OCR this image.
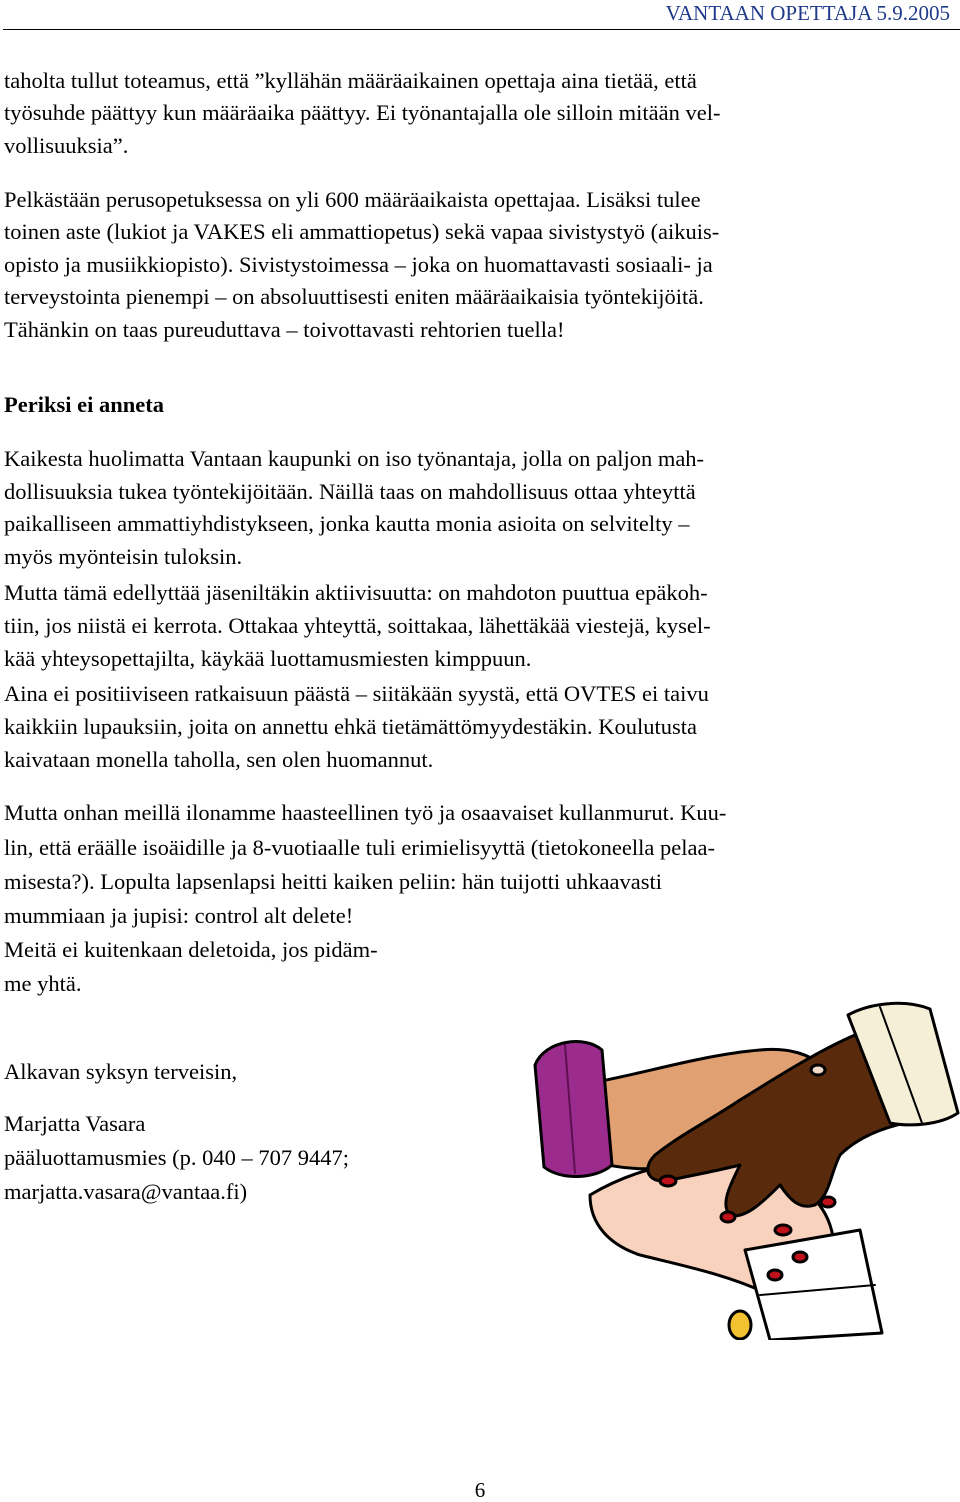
VANTAAN OPETTAJA 5.9.2005
taholta tullut toteamus, että ”kyllähän määräaikainen opettaja aina tietää, että
työsuhde päättyy kun määräaika päättyy. Ei työnantajalla ole silloin mitään vel-
vollisuuksia”.
Pelkästään perusopetuksessa on yli 600 määräaikaista opettajaa. Lisäksi tulee
toinen aste (lukiot ja VAKES eli ammattiopetus) sekä vapaa sivistystyö (aikuis-
opisto ja musiikkiopisto). Sivistystoimessa – joka on huomattavasti sosiaali- ja
terveystointa pienempi – on absoluuttisesti eniten määräaikaisia työntekijöitä.
Tähänkin on taas pureuduttava – toivottavasti rehtorien tuella!
Periksi ei anneta
Kaikesta huolimatta Vantaan kaupunki on iso työnantaja, jolla on paljon mah-
dollisuuksia tukea työntekijöitään. Näillä taas on mahdollisuus ottaa yhteyttä
paikalliseen ammattiyhdistykseen, jonka kautta monia asioita on selvitelty –
myös myönteisin tuloksin.
Mutta tämä edellyttää jäseniltäkin aktiivisuutta: on mahdoton puuttua epäkoh-
tiin, jos niistä ei kerrota. Ottakaa yhteyttä, soittakaa, lähettäkää viestejä, kysel-
kää yhteysopettajilta, käykää luottamusmiesten kimppuun.
Aina ei positiiviseen ratkaisuun päästä – siitäkään syystä, että OVTES ei taivu
kaikkiin lupauksiin, joita on annettu ehkä tietämättömyydestäkin. Koulutusta
kaivataan monella taholla, sen olen huomannut.
Mutta onhan meillä ilonamme haasteellinen työ ja osaavaiset kullanmurut. Kuu-
lin, että eräälle isoäidille ja 8-vuotiaalle tuli erimielisyyttä (tietokoneella pelaa-
misesta?). Lopulta lapsenlapsi heitti kaiken peliin: hän tuijotti uhkaavasti
mummiaan ja jupisi: control alt delete!
Meitä ei kuitenkaan deletoida, jos pidäm-
me yhtä.
Alkavan syksyn terveisin,
Marjatta Vasara
pääluottamusmies (p. 040 – 707 9447;
marjatta.vasara@vantaa.fi)
6
